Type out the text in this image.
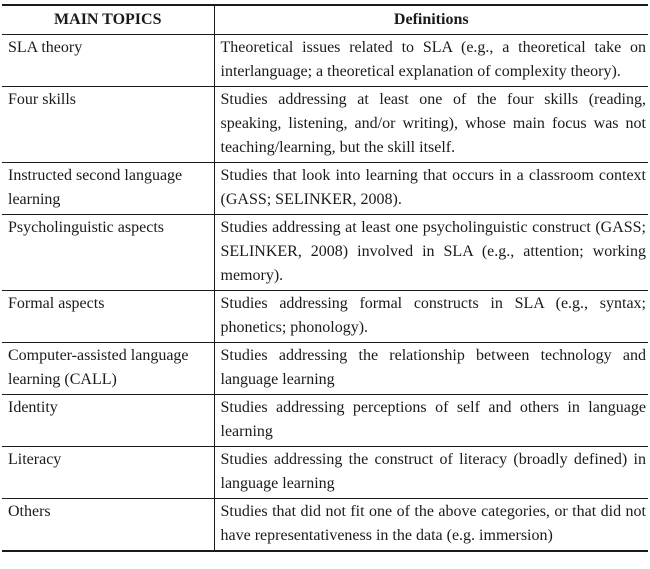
MAIN TOPICS	Definitions
SLA theory	Theoretical issues related to SLA (e.g., a theoretical take on interlanguage; a theoretical explanation of complexity theory).
Four skills	Studies addressing at least one of the four skills (reading, speaking, listening, and/or writing), whose main focus was not teaching/learning, but the skill itself.
Instructed second language learning	Studies that look into learning that occurs in a classroom context (GASS; SELINKER, 2008).
Psycholinguistic aspects	Studies addressing at least one psycholinguistic construct (GASS; SELINKER, 2008) involved in SLA (e.g., attention; working memory).
Formal aspects	Studies addressing formal constructs in SLA (e.g., syntax; phonetics; phonology).
Computer-assisted language learning (CALL)	Studies addressing the relationship between technology and language learning
Identity	Studies addressing perceptions of self and others in language learning
Literacy	Studies addressing the construct of literacy (broadly defined) in language learning
Others	Studies that did not fit one of the above categories, or that did not have representativeness in the data (e.g. immersion)
